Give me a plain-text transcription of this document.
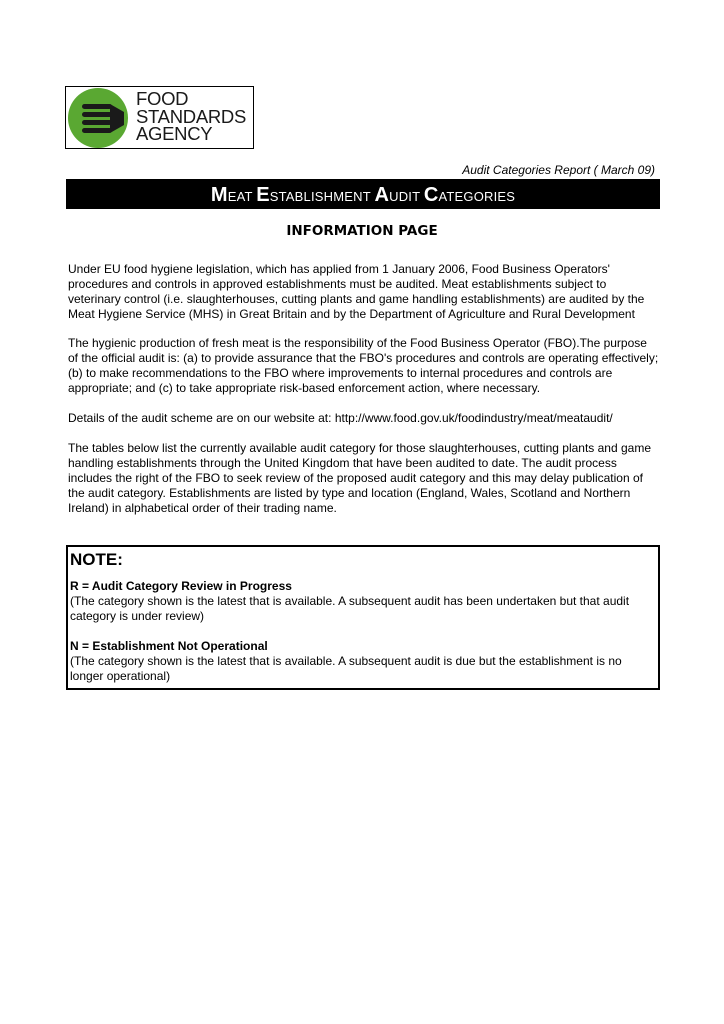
FOOD
STANDARDS
AGENCY
Audit Categories Report ( March 09)
MEAT ESTABLISHMENT AUDIT CATEGORIES
INFORMATION PAGE
Under EU food hygiene legislation, which has applied from 1 January 2006, Food Business Operators' procedures and controls in approved establishments must be audited. Meat establishments subject to veterinary control (i.e. slaughterhouses, cutting plants and game handling establishments) are audited by the Meat Hygiene Service (MHS) in Great Britain and by the Department of Agriculture and Rural Development
The hygienic production of fresh meat is the responsibility of the Food Business Operator (FBO).The purpose of the official audit is: (a) to provide assurance that the FBO's procedures and controls are operating effectively; (b) to make recommendations to the FBO where improvements to internal procedures and controls are appropriate; and (c) to take appropriate risk-based enforcement action, where necessary.
Details of the audit scheme are on our website at: http://www.food.gov.uk/foodindustry/meat/meataudit/
The tables below list the currently available audit category for those slaughterhouses, cutting plants and game handling establishments through the United Kingdom that have been audited to date. The audit process includes the right of the FBO to seek review of the proposed audit category and this may delay publication of the audit category. Establishments are listed by type and location (England, Wales, Scotland and Northern Ireland) in alphabetical order of their trading name.
NOTE:
R = Audit Category Review in Progress
(The category shown is the latest that is available. A subsequent audit has been undertaken but that audit category is under review)
N = Establishment Not Operational
(The category shown is the latest that is available. A subsequent audit is due but the establishment is no longer operational)
